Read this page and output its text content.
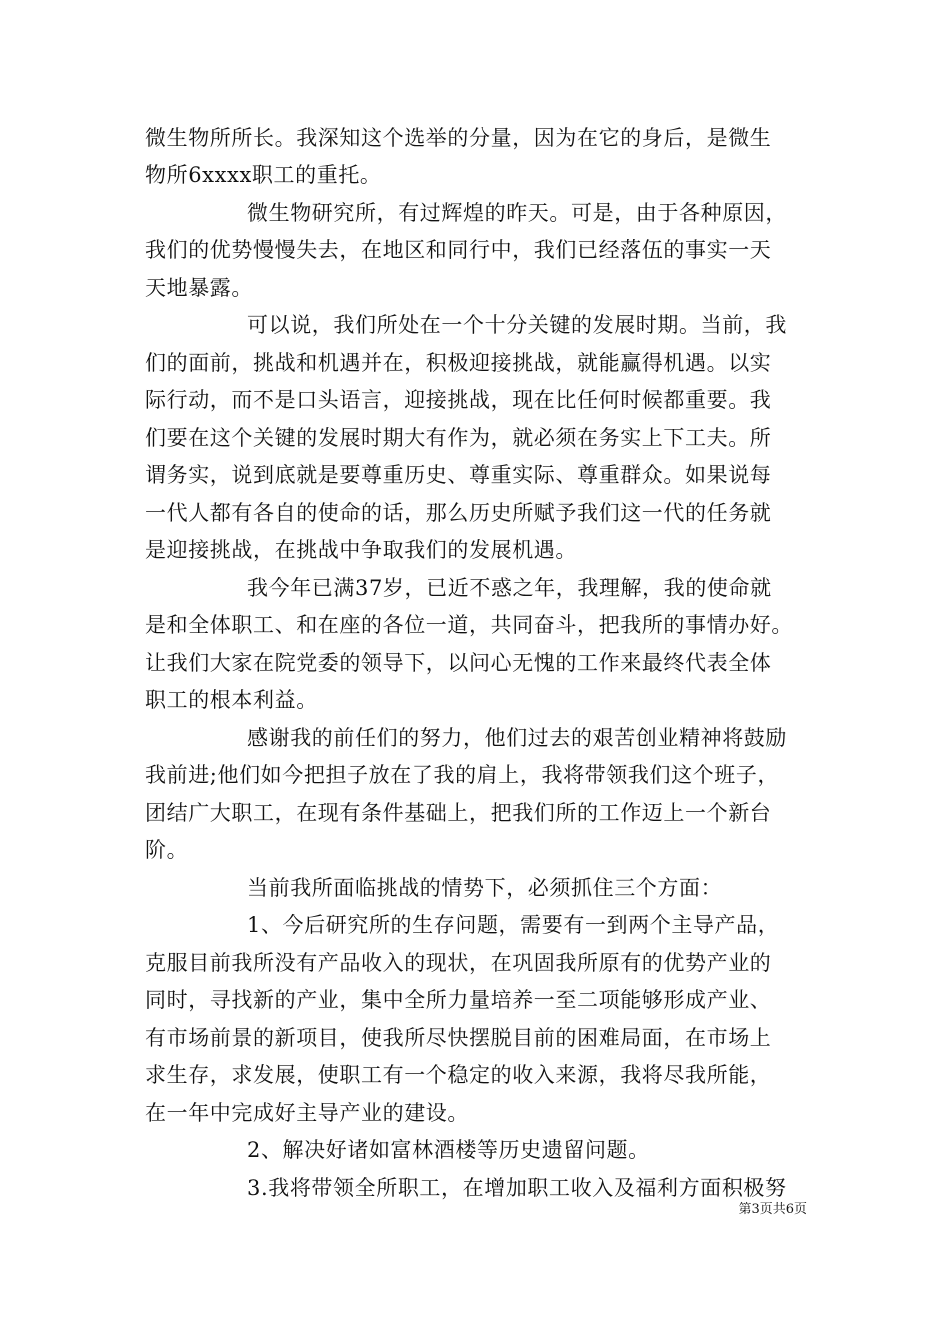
微生物所所长。我深知这个选举的分量，因为在它的身后，是微生
物所6xxxx职工的重托。
微生物研究所，有过辉煌的昨天。可是，由于各种原因，
我们的优势慢慢失去，在地区和同行中，我们已经落伍的事实一天
天地暴露。
可以说，我们所处在一个十分关键的发展时期。当前，我
们的面前，挑战和机遇并在，积极迎接挑战，就能赢得机遇。以实
际行动，而不是口头语言，迎接挑战，现在比任何时候都重要。我
们要在这个关键的发展时期大有作为，就必须在务实上下工夫。所
谓务实，说到底就是要尊重历史、尊重实际、尊重群众。如果说每
一代人都有各自的使命的话，那么历史所赋予我们这一代的任务就
是迎接挑战，在挑战中争取我们的发展机遇。
我今年已满37岁，已近不惑之年，我理解，我的使命就
是和全体职工、和在座的各位一道，共同奋斗，把我所的事情办好。
让我们大家在院党委的领导下，以问心无愧的工作来最终代表全体
职工的根本利益。
感谢我的前任们的努力，他们过去的艰苦创业精神将鼓励
我前进;他们如今把担子放在了我的肩上，我将带领我们这个班子，
团结广大职工，在现有条件基础上，把我们所的工作迈上一个新台
阶。
当前我所面临挑战的情势下，必须抓住三个方面：
1、今后研究所的生存问题，需要有一到两个主导产品，
克服目前我所没有产品收入的现状，在巩固我所原有的优势产业的
同时，寻找新的产业，集中全所力量培养一至二项能够形成产业、
有市场前景的新项目，使我所尽快摆脱目前的困难局面，在市场上
求生存，求发展，使职工有一个稳定的收入来源，我将尽我所能，
在一年中完成好主导产业的建设。
2、解决好诸如富林酒楼等历史遗留问题。
3.我将带领全所职工，在增加职工收入及福利方面积极努
第3页共6页
